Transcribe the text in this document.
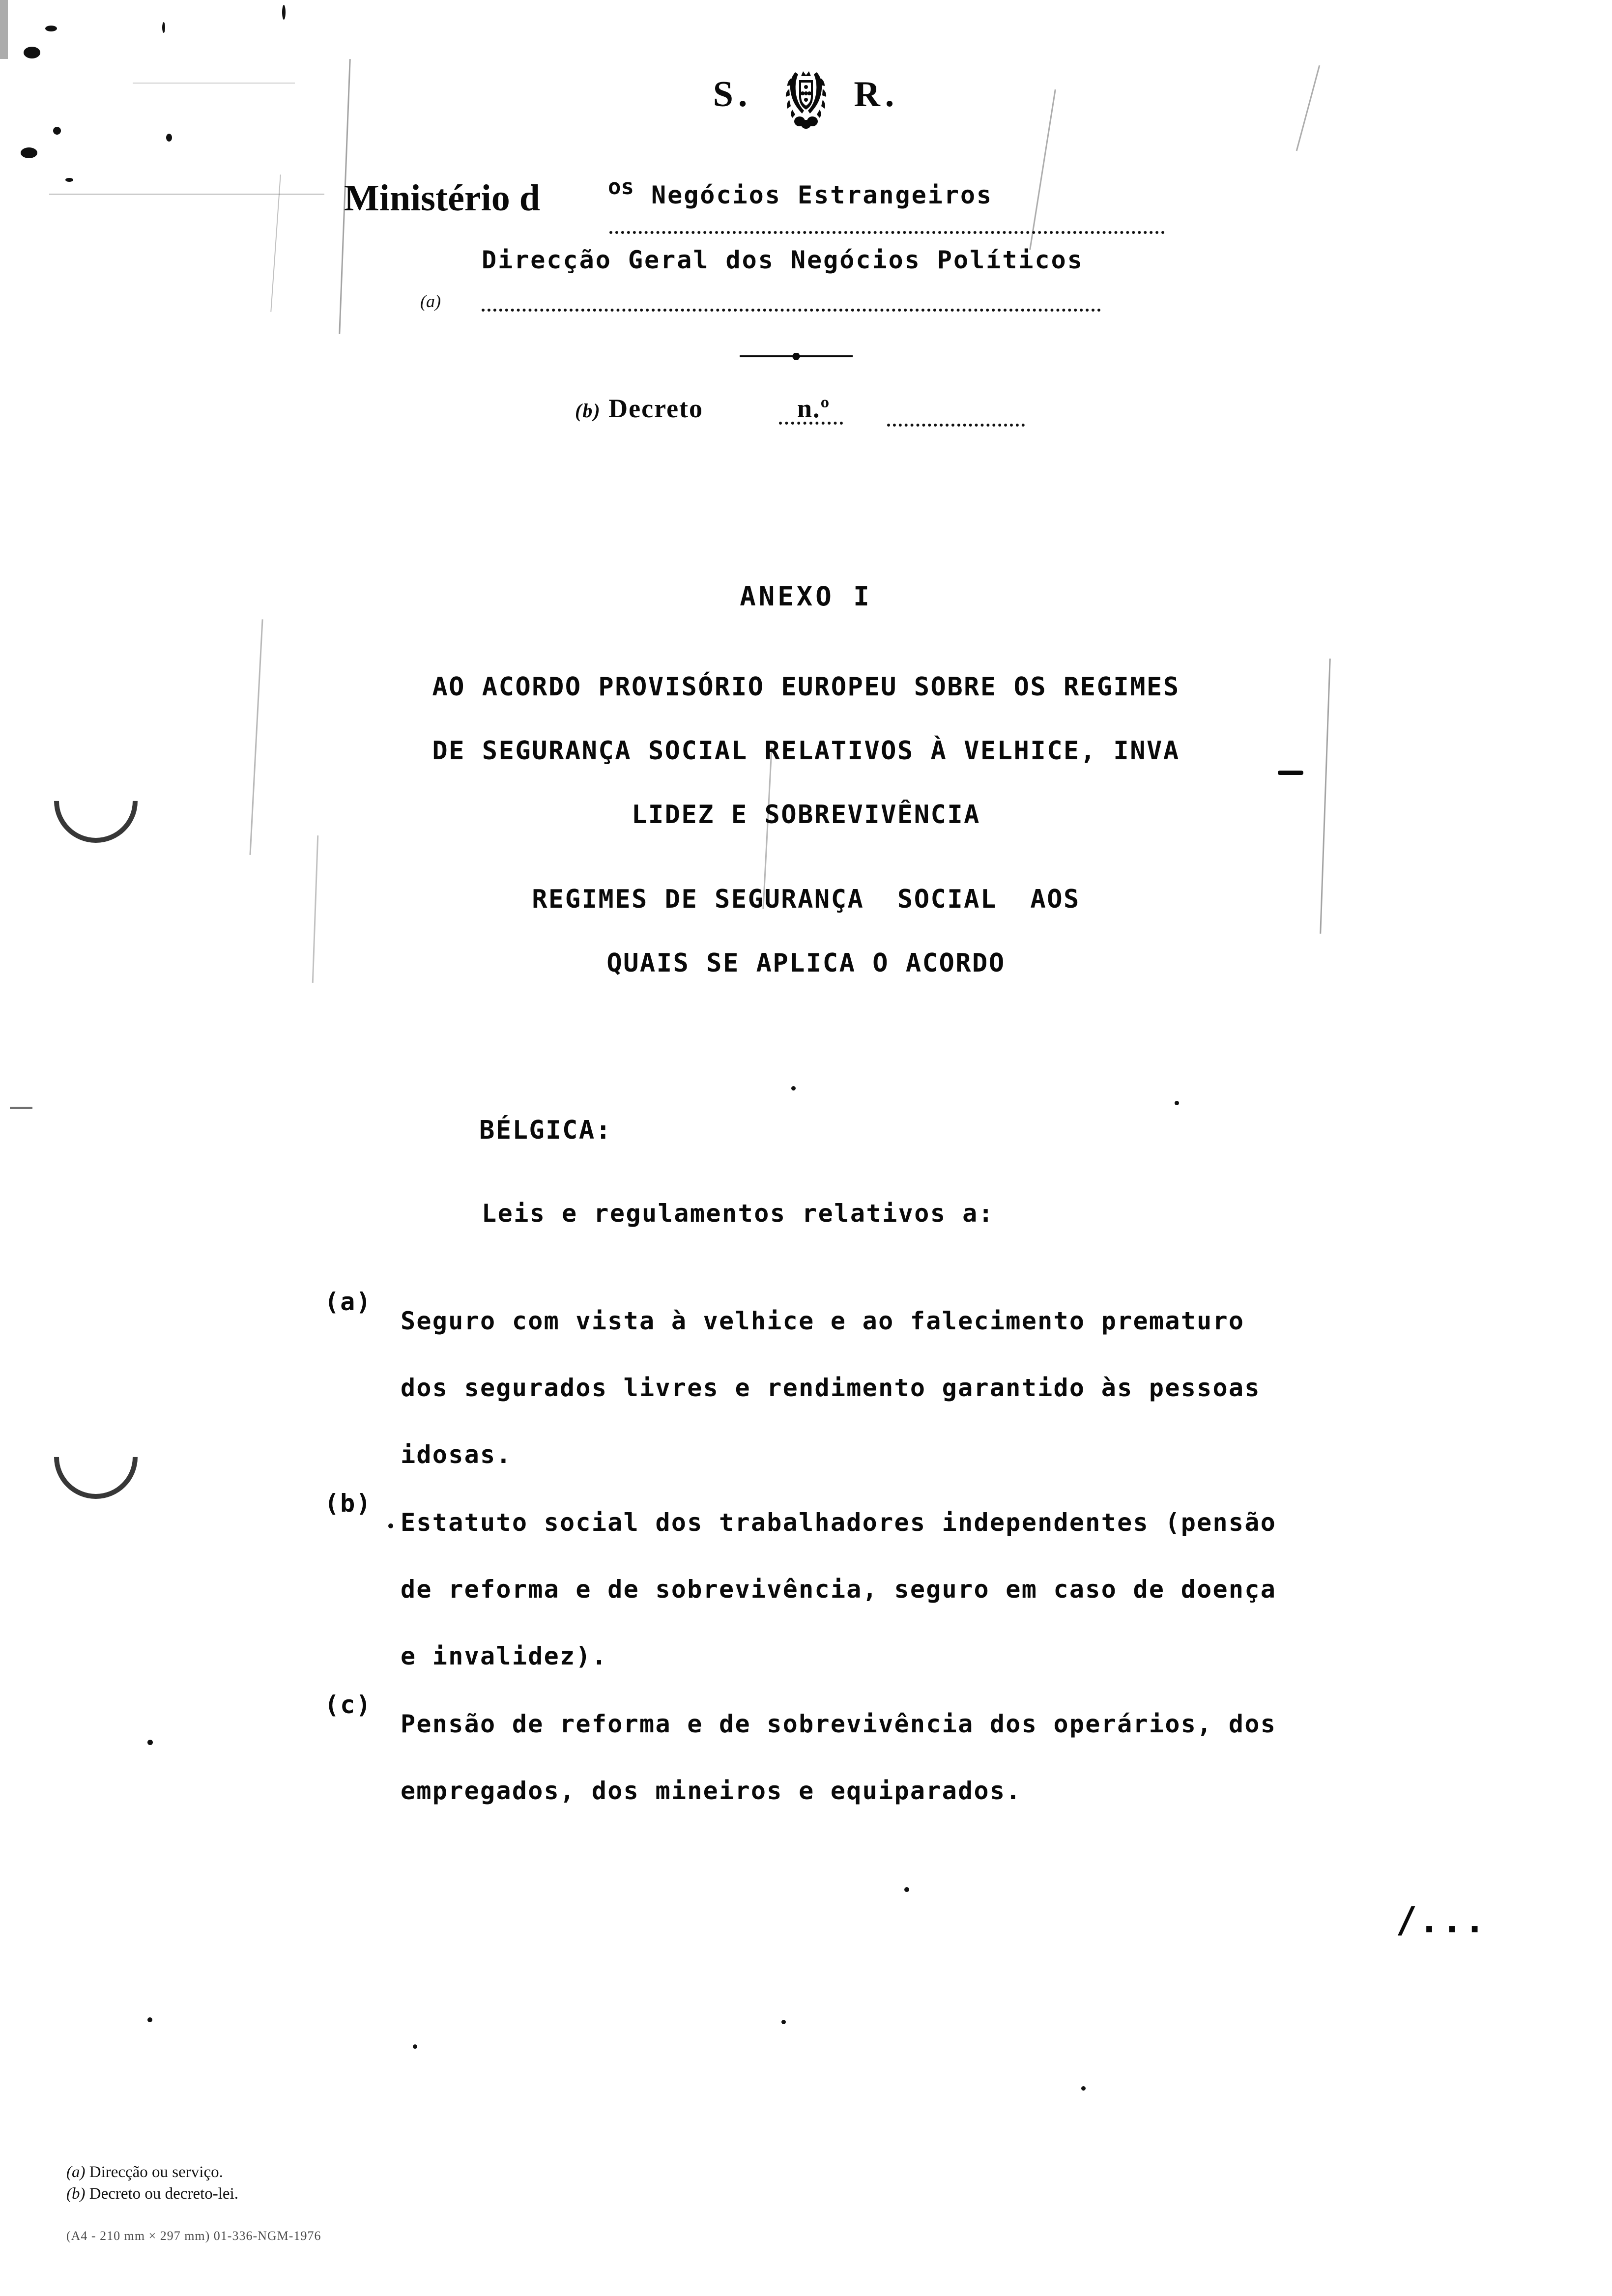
S.	R.
Ministério d	os Negócios Estrangeiros
Direcção Geral dos Negócios Políticos
(a)
(b) Decreto	n.º
ANEXO I
AO ACORDO PROVISÓRIO EUROPEU SOBRE OS REGIMES
DE SEGURANÇA SOCIAL RELATIVOS À VELHICE, INVA
LIDEZ E SOBREVIVÊNCIA
REGIMES DE SEGURANÇA  SOCIAL  AOS
QUAIS SE APLICA O ACORDO
BÉLGICA:
Leis e regulamentos relativos a:
(a)
Seguro com vista à velhice e ao falecimento prematuro
dos segurados livres e rendimento garantido às pessoas
idosas.
(b)
Estatuto social dos trabalhadores independentes (pensão
de reforma e de sobrevivência, seguro em caso de doença
e invalidez).
(c)
Pensão de reforma e de sobrevivência dos operários, dos
empregados, dos mineiros e equiparados.
/...
(a) Direcção ou serviço.
(b) Decreto ou decreto-lei.
(A4 - 210 mm × 297 mm) 01-336-NGM-1976
